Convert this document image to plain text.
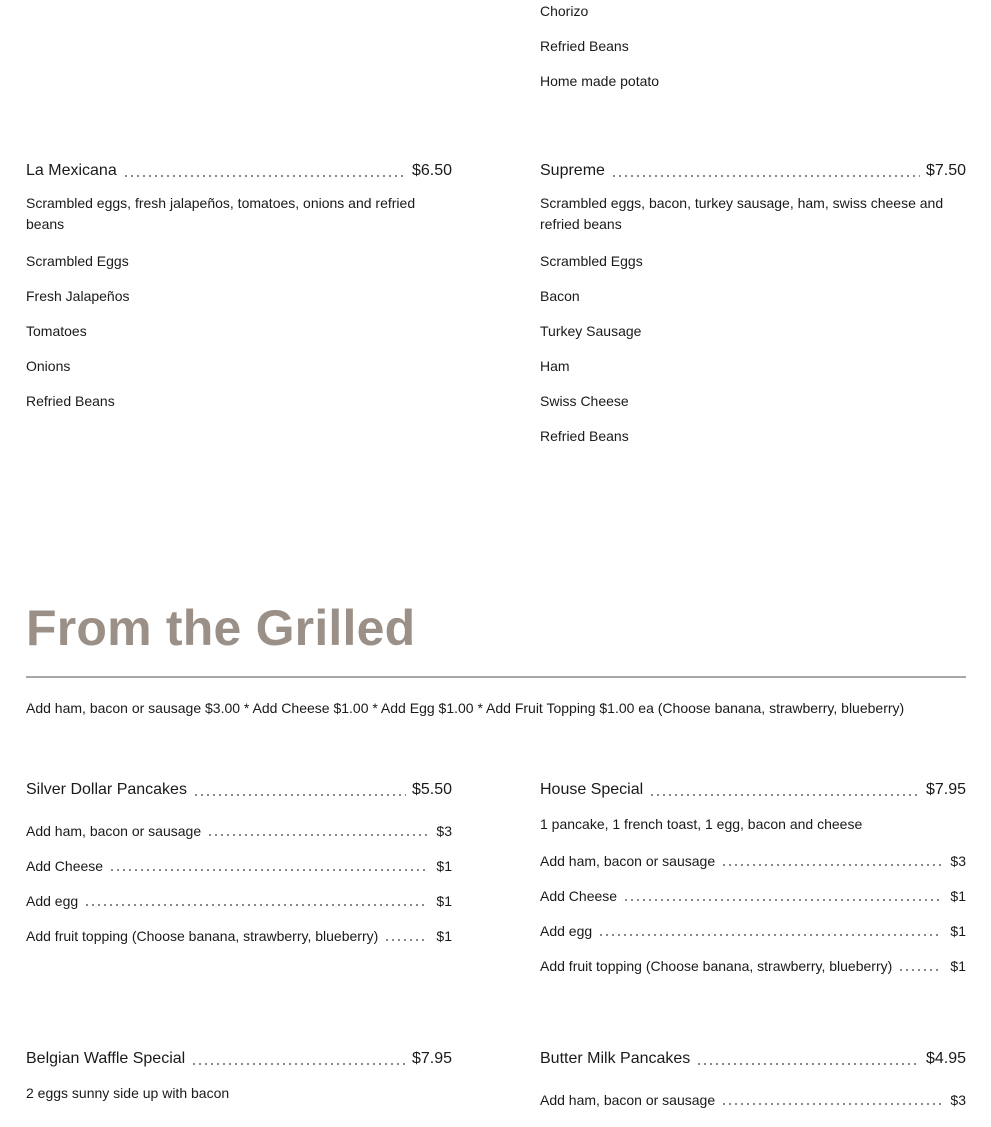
Chorizo
Refried Beans
Home made potato
La Mexicana	$6.50
Scrambled eggs, fresh jalapeños, tomatoes, onions and refried beans
Scrambled Eggs
Fresh Jalapeños
Tomatoes
Onions
Refried Beans
Supreme	$7.50
Scrambled eggs, bacon, turkey sausage, ham, swiss cheese and refried beans
Scrambled Eggs
Bacon
Turkey Sausage
Ham
Swiss Cheese
Refried Beans
From the Grilled
Add ham, bacon or sausage $3.00 * Add Cheese $1.00 * Add Egg $1.00 * Add Fruit Topping $1.00 ea (Choose banana, strawberry, blueberry)
Silver Dollar Pancakes	$5.50
Add ham, bacon or sausage	$3
Add Cheese	$1
Add egg	$1
Add fruit topping (Choose banana, strawberry, blueberry)	$1
House Special	$7.95
1 pancake, 1 french toast, 1 egg, bacon and cheese
Add ham, bacon or sausage	$3
Add Cheese	$1
Add egg	$1
Add fruit topping (Choose banana, strawberry, blueberry)	$1
Belgian Waffle Special	$7.95
2 eggs sunny side up with bacon
Butter Milk Pancakes	$4.95
Add ham, bacon or sausage	$3
